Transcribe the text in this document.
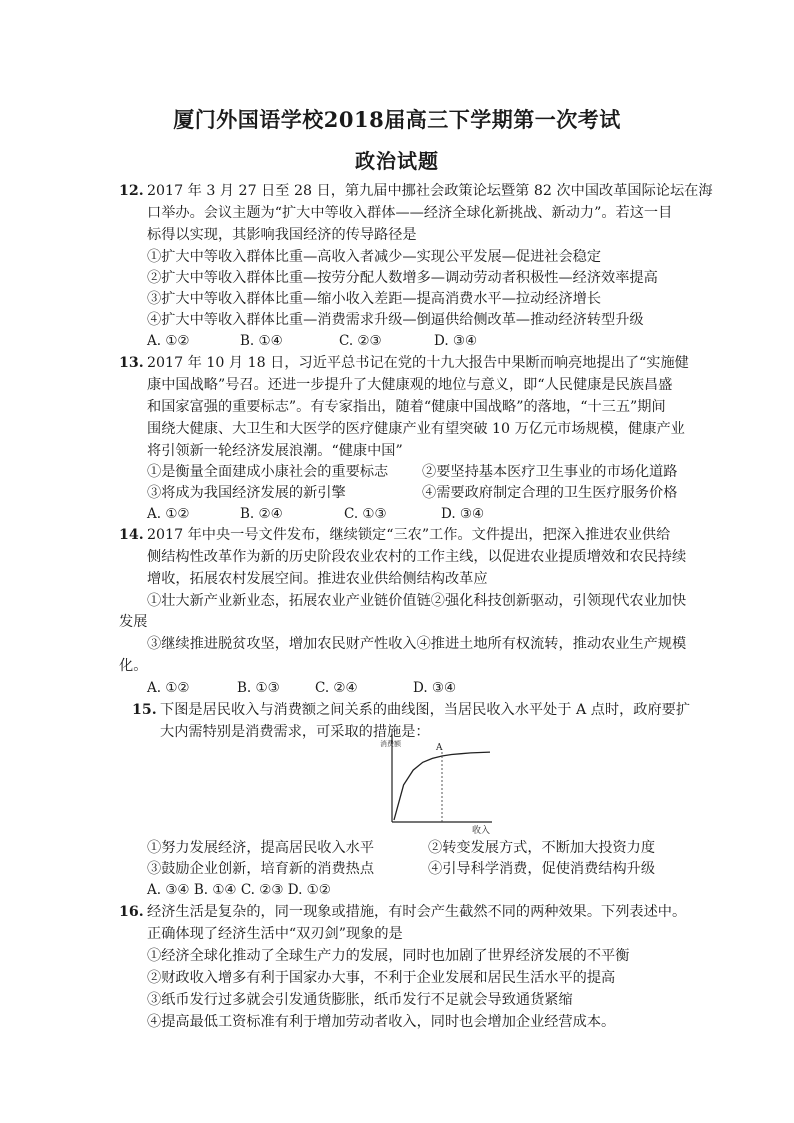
厦门外国语学校2018届高三下学期第一次考试
政治试题
12. 2017 年 3 月 27 日至 28 日，第九届中挪社会政策论坛暨第 82 次中国改革国际论坛在海
口举办。会议主题为“扩大中等收入群体——经济全球化新挑战、新动力”。若这一目
标得以实现，其影响我国经济的传导路径是
①扩大中等收入群体比重—高收入者减少—实现公平发展—促进社会稳定
②扩大中等收入群体比重—按劳分配人数增多—调动劳动者积极性—经济效率提高
③扩大中等收入群体比重—缩小收入差距—提高消费水平—拉动经济增长
④扩大中等收入群体比重—消费需求升级—倒逼供给侧改革—推动经济转型升级
A. ①②	B. ①④	C. ②③	D. ③④
13. 2017 年 10 月 18 日，习近平总书记在党的十九大报告中果断而响亮地提出了“实施健
康中国战略”号召。还进一步提升了大健康观的地位与意义，即“人民健康是民族昌盛
和国家富强的重要标志”。有专家指出，随着“健康中国战略”的落地，“十三五”期间
围绕大健康、大卫生和大医学的医疗健康产业有望突破 10 万亿元市场规模，健康产业
将引领新一轮经济发展浪潮。“健康中国”
①是衡量全面建成小康社会的重要标志 ②要坚持基本医疗卫生事业的市场化道路
③将成为我国经济发展的新引擎	④需要政府制定合理的卫生医疗服务价格
A. ①②	B. ②④	C. ①③	D. ③④
14. 2017 年中央一号文件发布，继续锁定“三农”工作。文件提出，把深入推进农业供给
侧结构性改革作为新的历史阶段农业农村的工作主线，以促进农业提质增效和农民持续
增收，拓展农村发展空间。推进农业供给侧结构改革应
①壮大新产业新业态，拓展农业产业链价值链②强化科技创新驱动，引领现代农业加快
发展
③继续推进脱贫攻坚，增加农民财产性收入④推进土地所有权流转，推动农业生产规模
化。
A. ①②	B. ①③	C. ②④	D. ③④
15. 下图是居民收入与消费额之间关系的曲线图，当居民收入水平处于 A 点时，政府要扩
大内需特别是消费需求，可采取的措施是：
消费额
收入
A
①努力发展经济，提高居民收入水平	②转变发展方式，不断加大投资力度
③鼓励企业创新，培育新的消费热点	④引导科学消费，促使消费结构升级
A. ③④ B. ①④ C. ②③ D. ①②
16. 经济生活是复杂的，同一现象或措施，有时会产生截然不同的两种效果。下列表述中。
正确体现了经济生活中“双刃剑”现象的是
①经济全球化推动了全球生产力的发展，同时也加剧了世界经济发展的不平衡
②财政收入增多有利于国家办大事，不利于企业发展和居民生活水平的提高
③纸币发行过多就会引发通货膨胀，纸币发行不足就会导致通货紧缩
④提高最低工资标准有利于增加劳动者收入，同时也会增加企业经营成本。
